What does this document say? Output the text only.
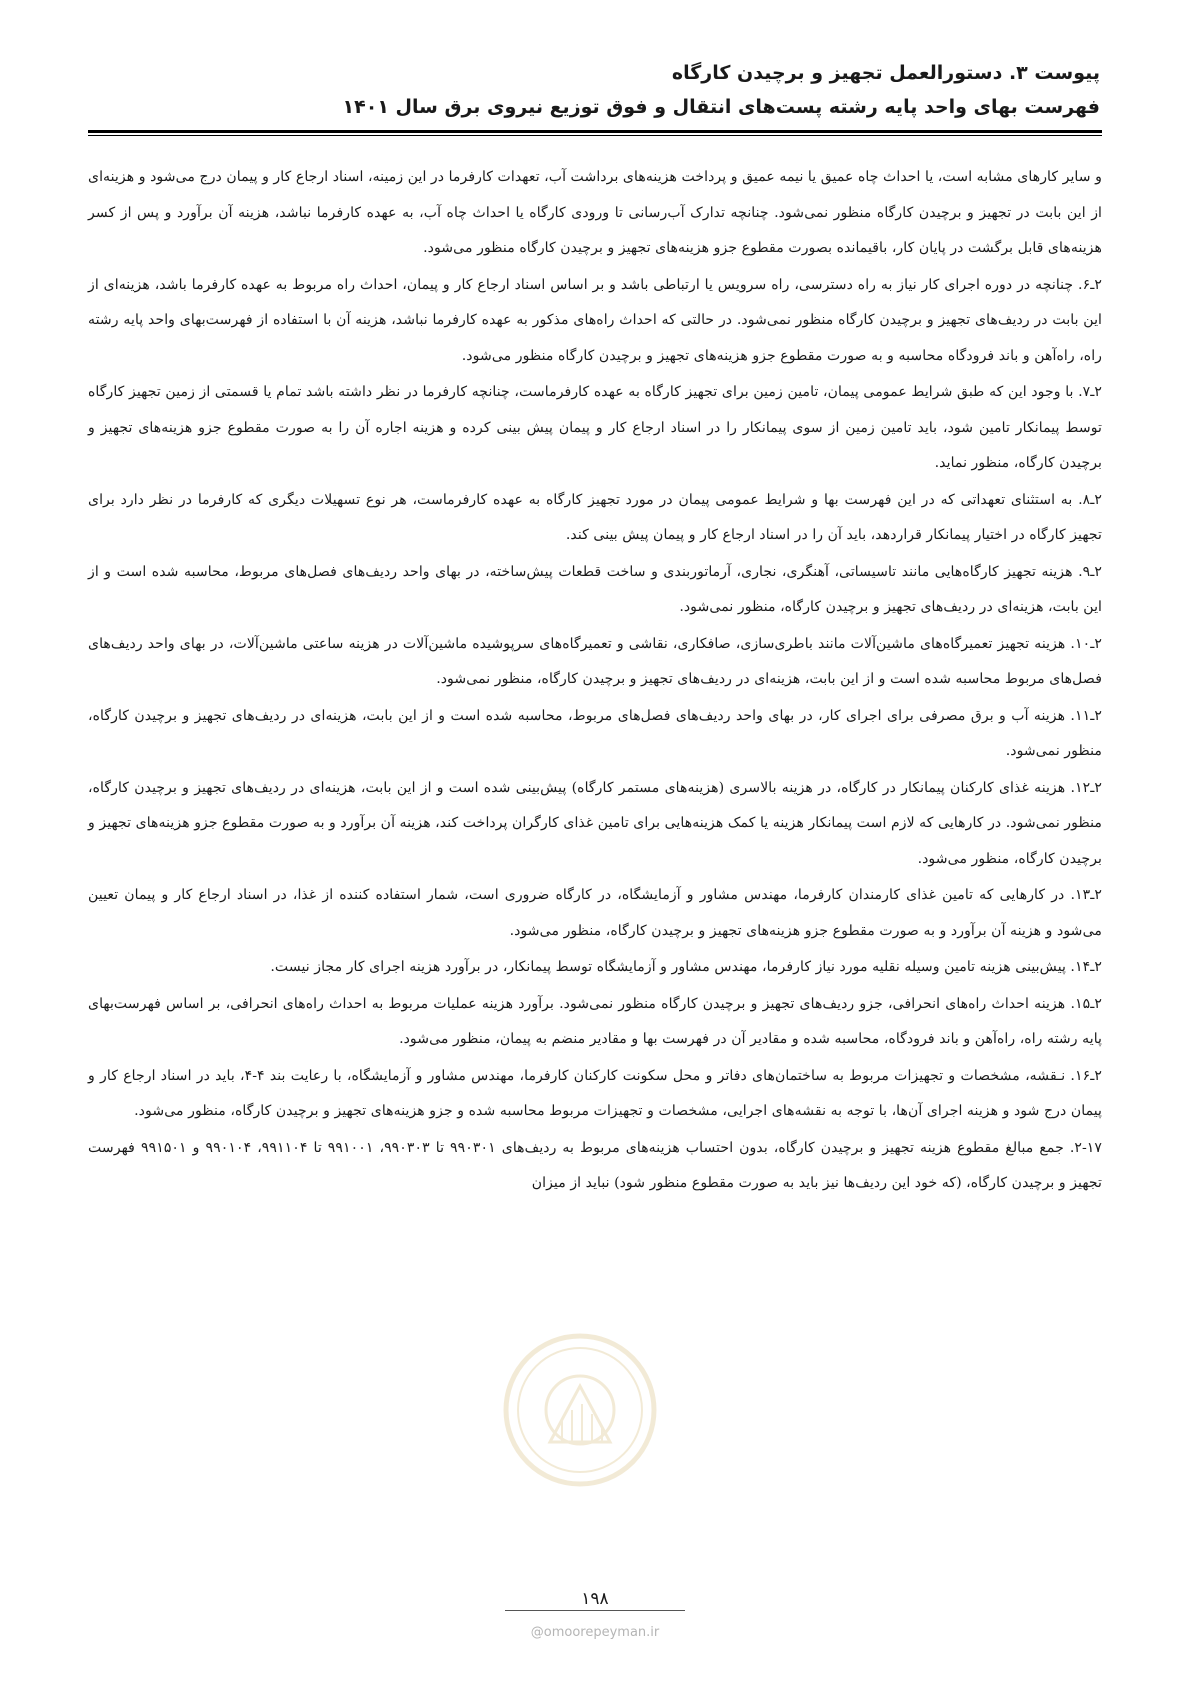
پیوست ۳. دستورالعمل تجهیز و برچیدن کارگاه
فهرست بهای واحد پایه رشته پست‌های انتقال و فوق توزیع نیروی برق سال ۱۴۰۱

و سایر کارهای مشابه است، یا احداث چاه عمیق یا نیمه عمیق و پرداخت هزینه‌های برداشت آب، تعهدات کارفرما در این زمینه، اسناد ارجاع کار و پیمان درج می‌شود و هزینه‌ای از این بابت در تجهیز و برچیدن کارگاه منظور نمی‌شود. چنانچه تدارک آب‌رسانی تا ورودی کارگاه یا احداث چاه آب، به عهده کارفرما نباشد، هزینه آن برآورد و پس از کسر هزینه‌های قابل برگشت در پایان کار، باقیمانده بصورت مقطوع جزو هزینه‌های تجهیز و برچیدن کارگاه منظور می‌شود.

۲ـ۶. چنانچه در دوره اجرای کار نیاز به راه دسترسی، راه سرویس یا ارتباطی باشد و بر اساس اسناد ارجاع کار و پیمان، احداث راه مربوط به عهده کارفرما باشد، هزینه‌ای از این بابت در ردیف‌های تجهیز و برچیدن کارگاه منظور نمی‌شود. در حالتی که احداث راه‌های مذکور به عهده کارفرما نباشد، هزینه آن با استفاده از فهرست‌بهای واحد پایه رشته راه، راه‌آهن و باند فرودگاه محاسبه و به صورت مقطوع جزو هزینه‌های تجهیز و برچیدن کارگاه منظور می‌شود.

۲ـ۷. با وجود این که طبق شرایط عمومی پیمان، تامین زمین برای تجهیز کارگاه به عهده کارفرماست، چنانچه کارفرما در نظر داشته باشد تمام یا قسمتی از زمین تجهیز کارگاه توسط پیمانکار تامین شود، باید تامین زمین از سوی پیمانکار را در اسناد ارجاع کار و پیمان پیش بینی کرده و هزینه اجاره آن را به صورت مقطوع جزو هزینه‌های تجهیز و برچیدن کارگاه، منظور نماید.

۲ـ۸. به استثنای تعهداتی که در این فهرست بها و شرایط عمومی پیمان در مورد تجهیز کارگاه به عهده کارفرماست، هر نوع تسهیلات دیگری که کارفرما در نظر دارد برای تجهیز کارگاه در اختیار پیمانکار قراردهد، باید آن را در اسناد ارجاع کار و پیمان پیش بینی کند.

۲ـ۹. هزینه تجهیز کارگاه‌هایی مانند تاسیساتی، آهنگری، نجاری، آرماتوربندی و ساخت قطعات پیش‌ساخته، در بهای واحد ردیف‌های فصل‌های مربوط، محاسبه شده است و از این بابت، هزینه‌ای در ردیف‌های تجهیز و برچیدن کارگاه، منظور نمی‌شود.

۲ـ۱۰. هزینه تجهیز تعمیرگاه‌های ماشین‌آلات مانند باطری‌سازی، صافکاری، نقاشی و تعمیرگاه‌های سرپوشیده ماشین‌آلات در هزینه ساعتی ماشین‌آلات، در بهای واحد ردیف‌های فصل‌های مربوط محاسبه شده است و از این بابت، هزینه‌ای در ردیف‌های تجهیز و برچیدن کارگاه، منظور نمی‌شود.

۲ـ۱۱. هزینه آب و برق مصرفی برای اجرای کار، در بهای واحد ردیف‌های فصل‌های مربوط، محاسبه شده است و از این بابت، هزینه‌ای در ردیف‌های تجهیز و برچیدن کارگاه، منظور نمی‌شود.

۲ـ۱۲. هزینه غذای کارکنان پیمانکار در کارگاه، در هزینه بالاسری (هزینه‌های مستمر کارگاه) پیش‌بینی شده است و از این بابت، هزینه‌ای در ردیف‌های تجهیز و برچیدن کارگاه، منظور نمی‌شود. در کارهایی که لازم است پیمانکار هزینه یا کمک هزینه‌هایی برای تامین غذای کارگران پرداخت کند، هزینه آن برآورد و به صورت مقطوع جزو هزینه‌های تجهیز و برچیدن کارگاه، منظور می‌شود.

۲ـ۱۳. در کارهایی که تامین غذای کارمندان کارفرما، مهندس مشاور و آزمایشگاه، در کارگاه ضروری است، شمار استفاده کننده از غذا، در اسناد ارجاع کار و پیمان تعیین می‌شود و هزینه آن برآورد و به صورت مقطوع جزو هزینه‌های تجهیز و برچیدن کارگاه، منظور می‌شود.

۲ـ۱۴. پیش‌بینی هزینه تامین وسیله نقلیه مورد نیاز کارفرما، مهندس مشاور و آزمایشگاه توسط پیمانکار، در برآورد هزینه اجرای کار مجاز نیست.

۲ـ۱۵. هزینه احداث راه‌های انحرافی، جزو ردیف‌های تجهیز و برچیدن کارگاه منظور نمی‌شود. برآورد هزینه عملیات مربوط به احداث راه‌های انحرافی، بر اساس فهرست‌بهای پایه رشته راه، راه‌آهن و باند فرودگاه، محاسبه شده و مقادیر آن در فهرست بها و مقادیر منضم به پیمان، منظور می‌شود.

۲ـ۱۶. نـقشه، مشخصات و تجهیزات مربوط به ساختمان‌های دفاتر و محل سکونت کارکنان کارفرما، مهندس مشاور و آزمایشگاه، با رعایت بند ۴-۴، باید در اسناد ارجاع کار و پیمان درج شود و هزینه اجرای آن‌ها، با توجه به نقشه‌های اجرایی، مشخصات و تجهیزات مربوط محاسبه شده و جزو هزینه‌های تجهیز و برچیدن کارگاه، منظور می‌شود.

۲-۱۷. جمع مبالغ مقطوع هزینه تجهیز و برچیدن کارگاه، بدون احتساب هزینه‌های مربوط به ردیف‌های ۹۹۰۳۰۱ تا ۹۹۰۳۰۳، ۹۹۱۰۰۱ تا ۹۹۱۱۰۴، ۹۹۰۱۰۴ و ۹۹۱۵۰۱ فهرست تجهیز و برچیدن کارگاه، (که خود این ردیف‌ها نیز باید به صورت مقطوع منظور شود) نباید از میزان

۱۹۸
@omoorepeyman.ir
